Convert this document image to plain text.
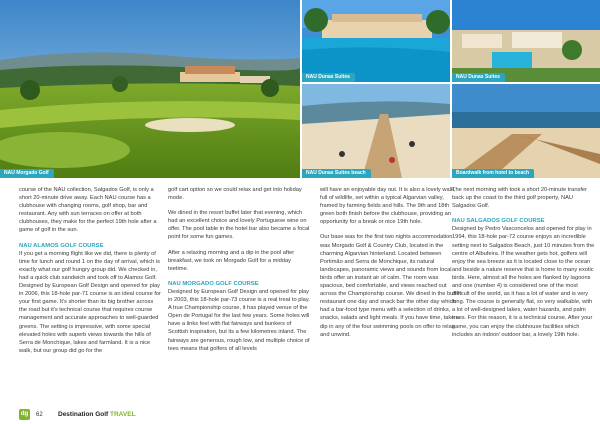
NAU Morgado Golf
NAU Dunas Suites	NAU Dunas Suites
NAU Dunas Suites beach	Boardwalk from hotel to beach

course of the NAU collection, Salgados Golf, is only a short 20-minute drive away. Each NAU course has a clubhouse with changing rooms, golf shop, bar and restaurant. Any with sun terraces on offer at both clubhouses, they make for the perfect 19th hole after a game of golf in the sun.

NAU ALAMOS GOLF COURSE

If you get a morning flight like we did, there is plenty of time for lunch and round 1 on the day of arrival, which is exactly what our golf hungry group did. We checked in, had a quick club sandwich and took off to Alamos Golf. Designed by European Golf Design and opened for play in 2006, this 18-hole par-71 course is an ideal course for your first game. It's shorter than its big brother across the road but it's technical course that requires course management and accurate approaches to well-guarded greens. The setting is impressive, with some special elevated holes with superb views towards the hills of Serra de Monchique, lakes and farmland. It is a nice walk, but our group did go for the

golf cart option so we could relax and get into holiday mode.

We dined in the resort buffet later that evening, which had an excellent choice and lovely Portuguese wine on offer. The pool table in the hotel bar also became a focal point for some fun games.

After a relaxing morning and a dip in the pool after breakfast, we took on Morgado Golf for a midday teetime.

NAU MORGADO GOLF COURSE

Designed by European Golf Design and opened for play in 2003, this 18-hole par-73 course is a real treat to play. A true Championship course, it has played venue of the Open de Portugal for the last few years. Some holes will have a links feel with flat fairways and bunkers of Scottish inspiration, but its a few kilometres inland. The fairways are generous, rough low, and multiple choice of tees means that golfers of all levels

will have an enjoyable day out. It is also a lovely walk, full of wildlife, set within a typical Algarvian valley, framed by farming fields and hills. The 9th and 18th green both finish before the clubhouse, providing an opportunity for a break or nice 19th hole.

Our base was for the first two nights accommodation was Morgado Golf & Country Club, located in the charming Algarvian hinterland. Located between Portimão and Serra de Monchique, its natural landscapes, panoramic views and sounds from local birds offer an instant air of calm. The room was spacious, bed comfortable, and views reached out across the Championship course. We dined in the buffet restaurant one day and snack bar the other day which had a bar-food type menu with a selection of drinks, snacks, salads and light meals. If you have time, take a dip in any of the four swimming pools on offer to relax and unwind.

The next morning with took a short 20-minute transfer back up the coast to the third golf property, NAU Salgados Golf.

NAU SALGADOS GOLF COURSE

Designed by Pedro Vasconcelos and opened for play in 1994, this 18-hole par-72 course enjoys an incredible setting next to Salgados Beach, just 10 minutes from the centre of Albufeira. If the weather gets hot, golfers will enjoy the sea breeze as it is located close to the ocean and beside a nature reserve that is home to many exotic birds. Here, almost all the holes are flanked by lagoons and one (number 4) is considered one of the most difficult of the world, as it has a lot of water and is very long. The course is generally flat, so very walkable, with a lot of well-designed lakes, water hazards, and palm trees. For this reason, it is a technical course. After your game, you can enjoy the clubhouse facilities which includes an indoor/ outdoor bar, a lovely 19th hole.

dg	62 Destination Golf TRAVEL
